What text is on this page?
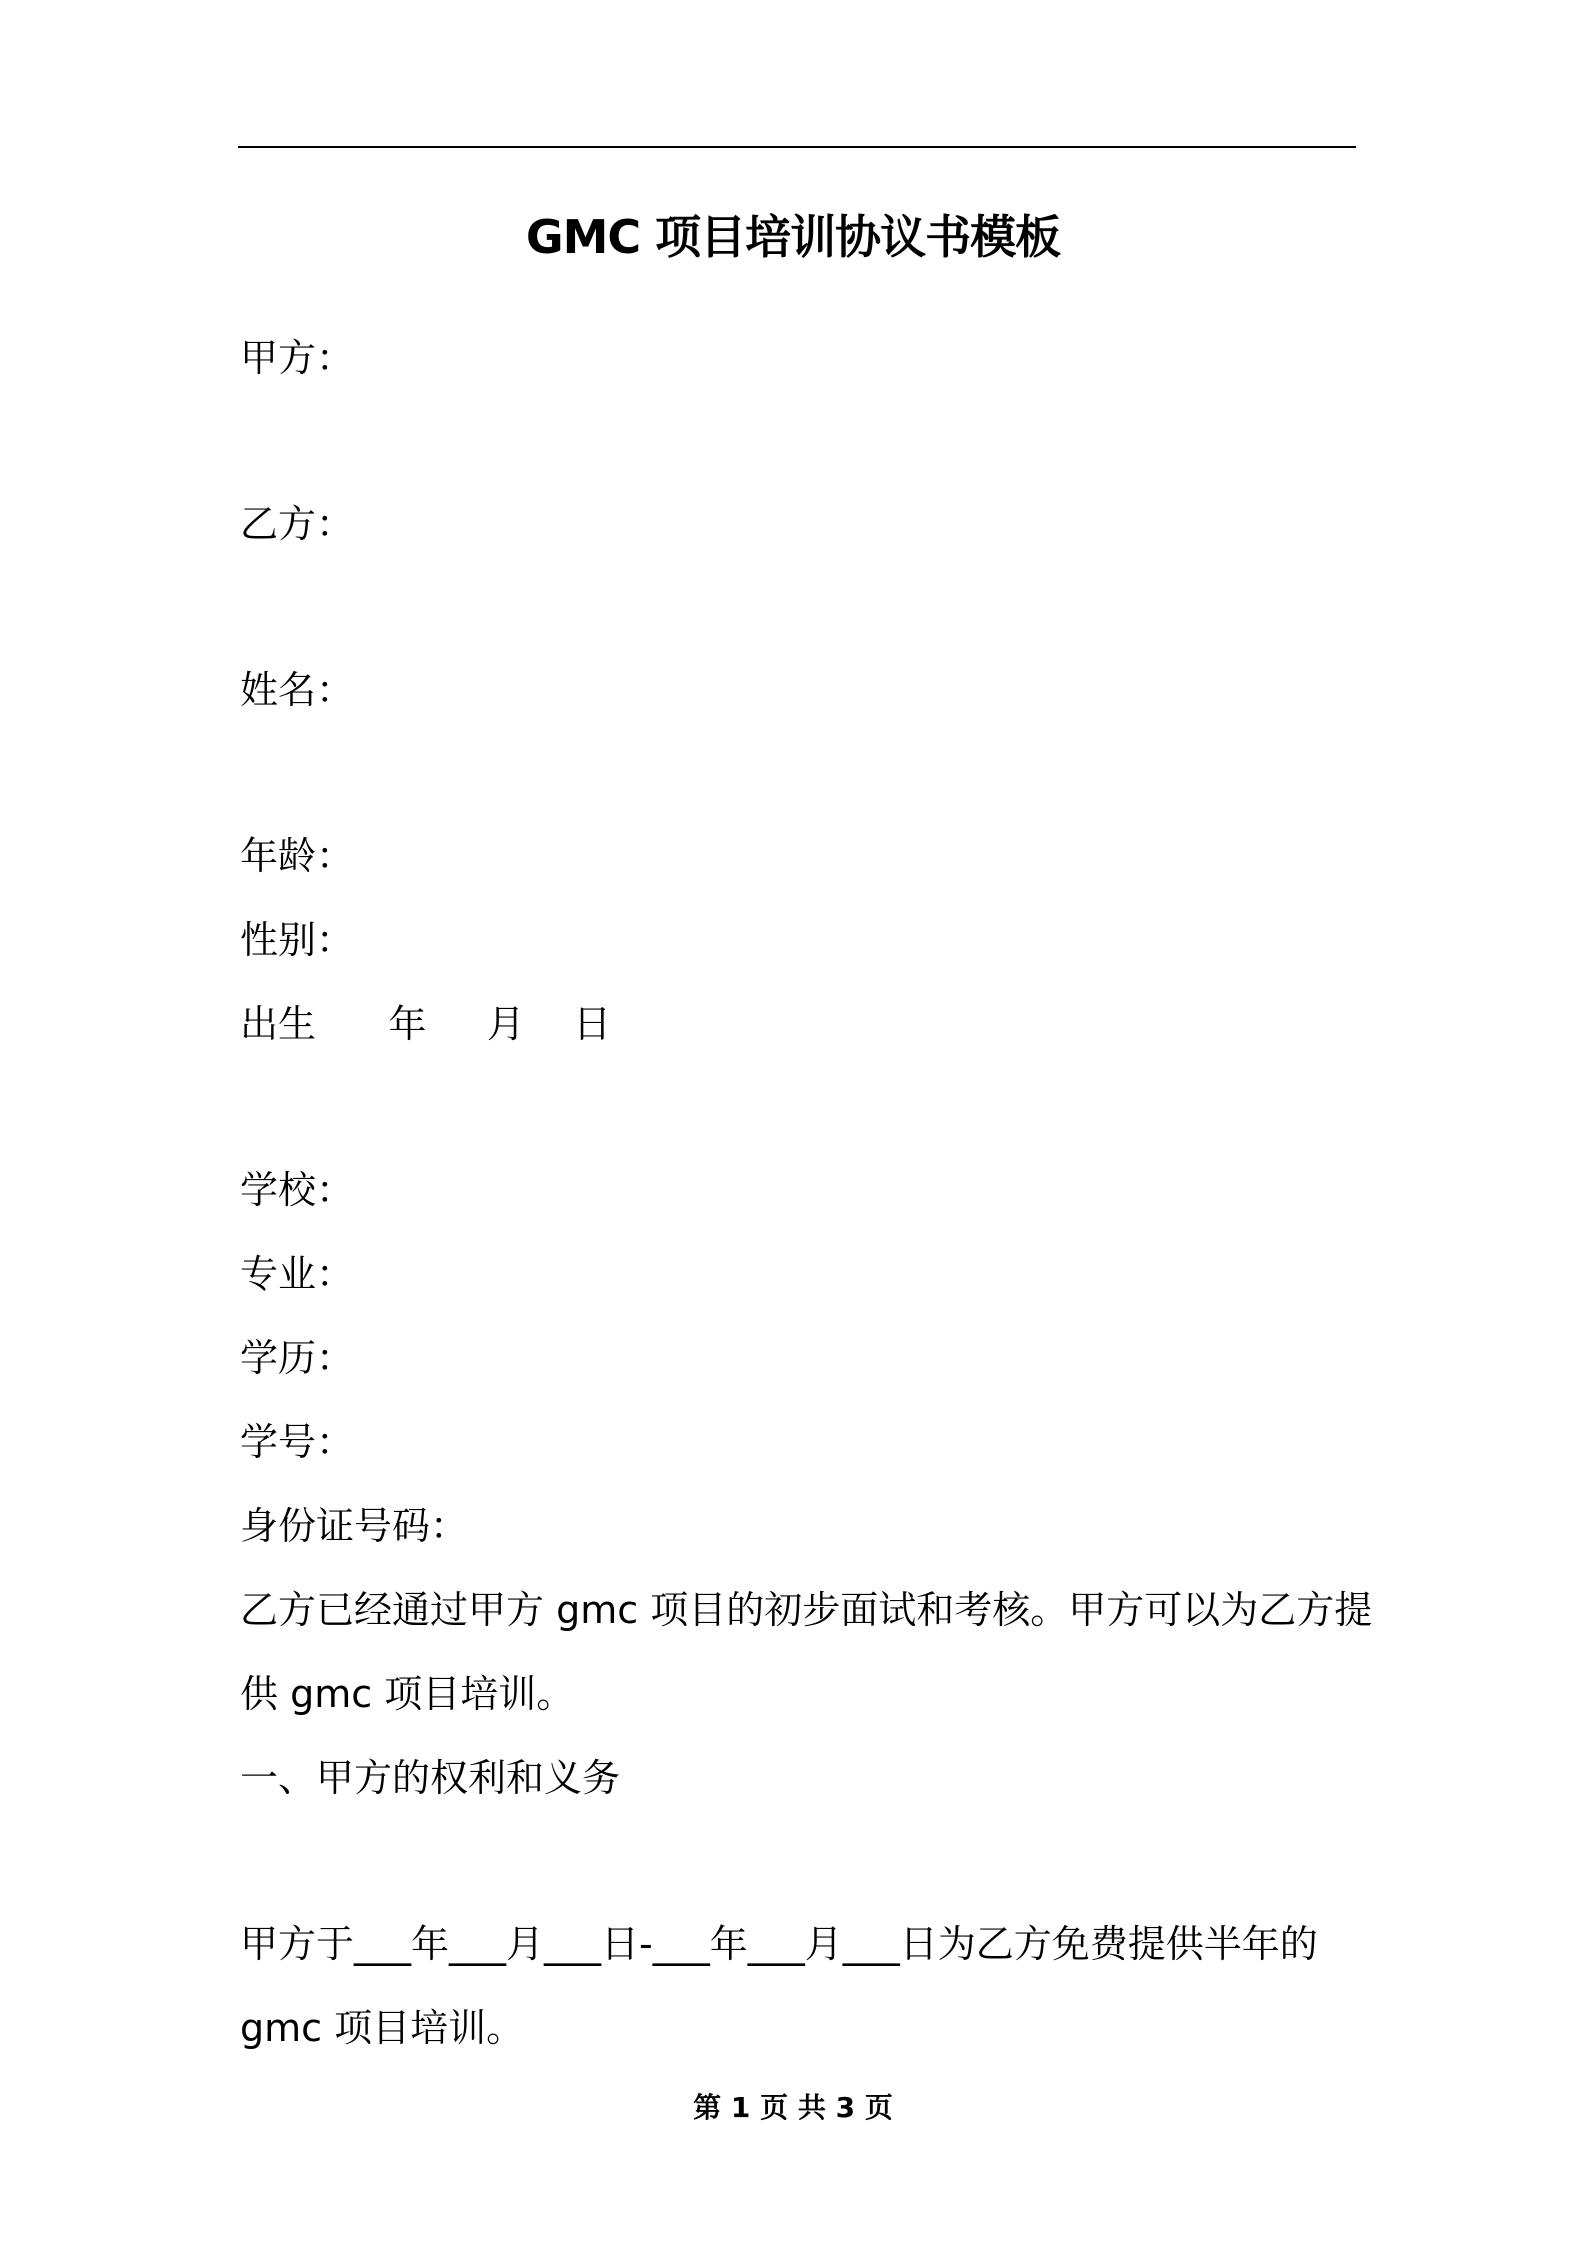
GMC 项目培训协议书模板
甲方：
乙方：
姓名：
年龄：
性别：
出生      年     月    日
学校：
专业：
学历：
学号：
身份证号码：
乙方已经通过甲方 gmc 项目的初步面试和考核。甲方可以为乙方提
供 gmc 项目培训。
一、甲方的权利和义务
甲方于___年___月___日-___年___月___日为乙方免费提供半年的
gmc 项目培训。
第 1 页 共 3 页
